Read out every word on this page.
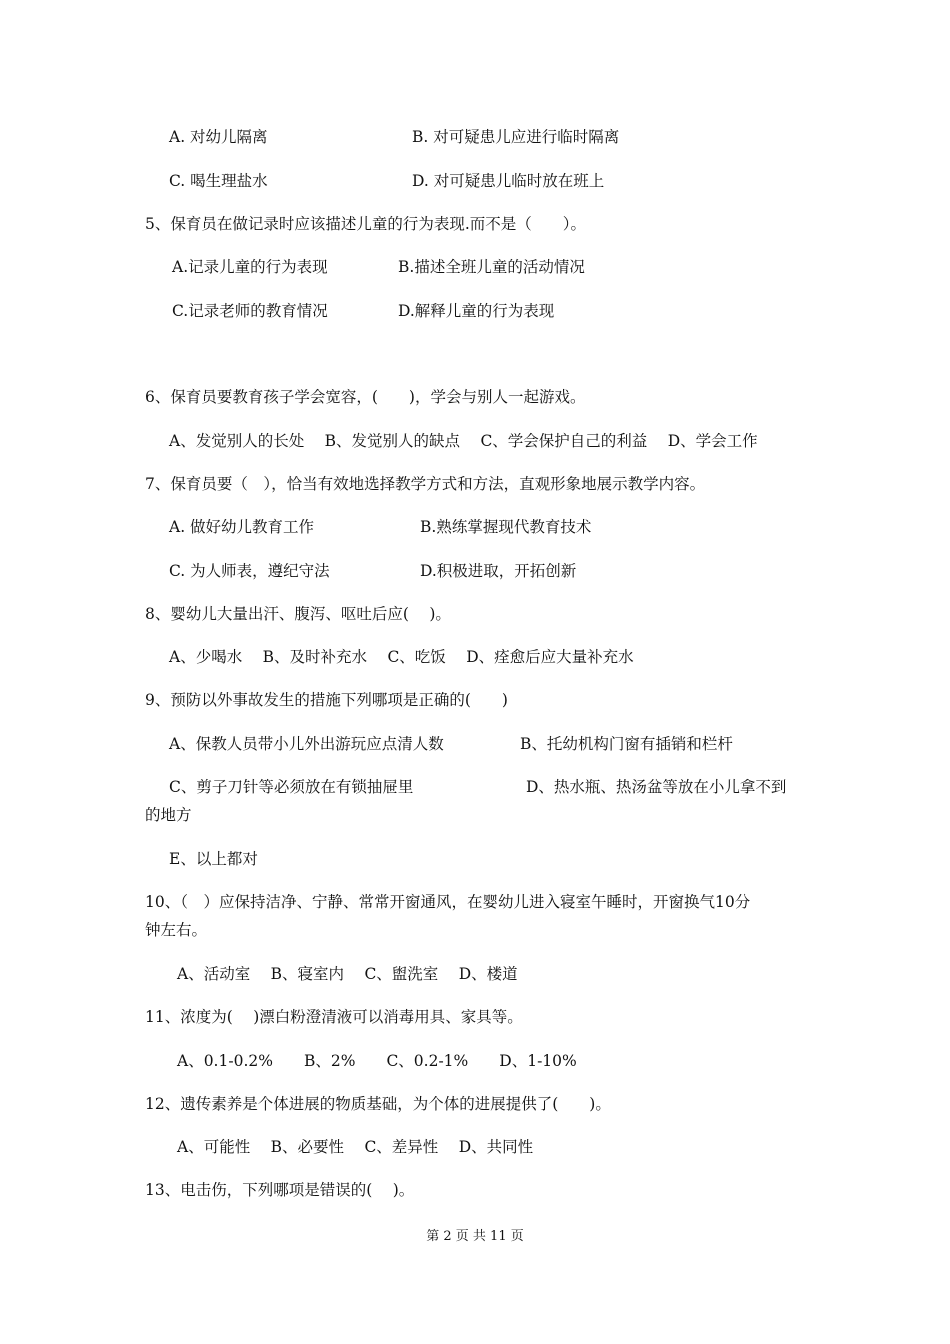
A. 对幼儿隔离	B. 对可疑患儿应进行临时隔离
C. 喝生理盐水	D. 对可疑患儿临时放在班上
5、保育员在做记录时应该描述儿童的行为表现.而不是（　　）。
A.记录儿童的行为表现	B.描述全班儿童的活动情况
C.记录老师的教育情况	D.解释儿童的行为表现
6、保育员要教育孩子学会宽容，(　　)，学会与别人一起游戏。
A、发觉别人的长处　 B、发觉别人的缺点　 C、学会保护自己的利益　 D、学会工作
7、保育员要（　），恰当有效地选择教学方式和方法，直观形象地展示教学内容。
A. 做好幼儿教育工作	B.熟练掌握现代教育技术
C. 为人师表，遵纪守法	D.积极进取，开拓创新
8、婴幼儿大量出汗、腹泻、呕吐后应(　 )。
A、少喝水　 B、及时补充水　 C、吃饭　 D、痊愈后应大量补充水
9、预防以外事故发生的措施下列哪项是正确的(　　)
A、保教人员带小儿外出游玩应点清人数	B、托幼机构门窗有插销和栏杆
C、剪子刀针等必须放在有锁抽屉里	D、热水瓶、热汤盆等放在小儿拿不到
的地方
E、以上都对
10、（　）应保持洁净、宁静、常常开窗通风，在婴幼儿进入寝室午睡时，开窗换气10分
钟左右。
A、活动室　 B、寝室内　 C、盥洗室　 D、楼道
11、浓度为(　 )漂白粉澄清液可以消毒用具、家具等。
A、0.1-0.2%　　B、2%　　C、0.2-1%　　D、1-10%
12、遗传素养是个体进展的物质基础，为个体的进展提供了(　　)。
A、可能性　 B、必要性　 C、差异性　 D、共同性
13、电击伤，下列哪项是错误的(　 )。
第 2 页 共 11 页
